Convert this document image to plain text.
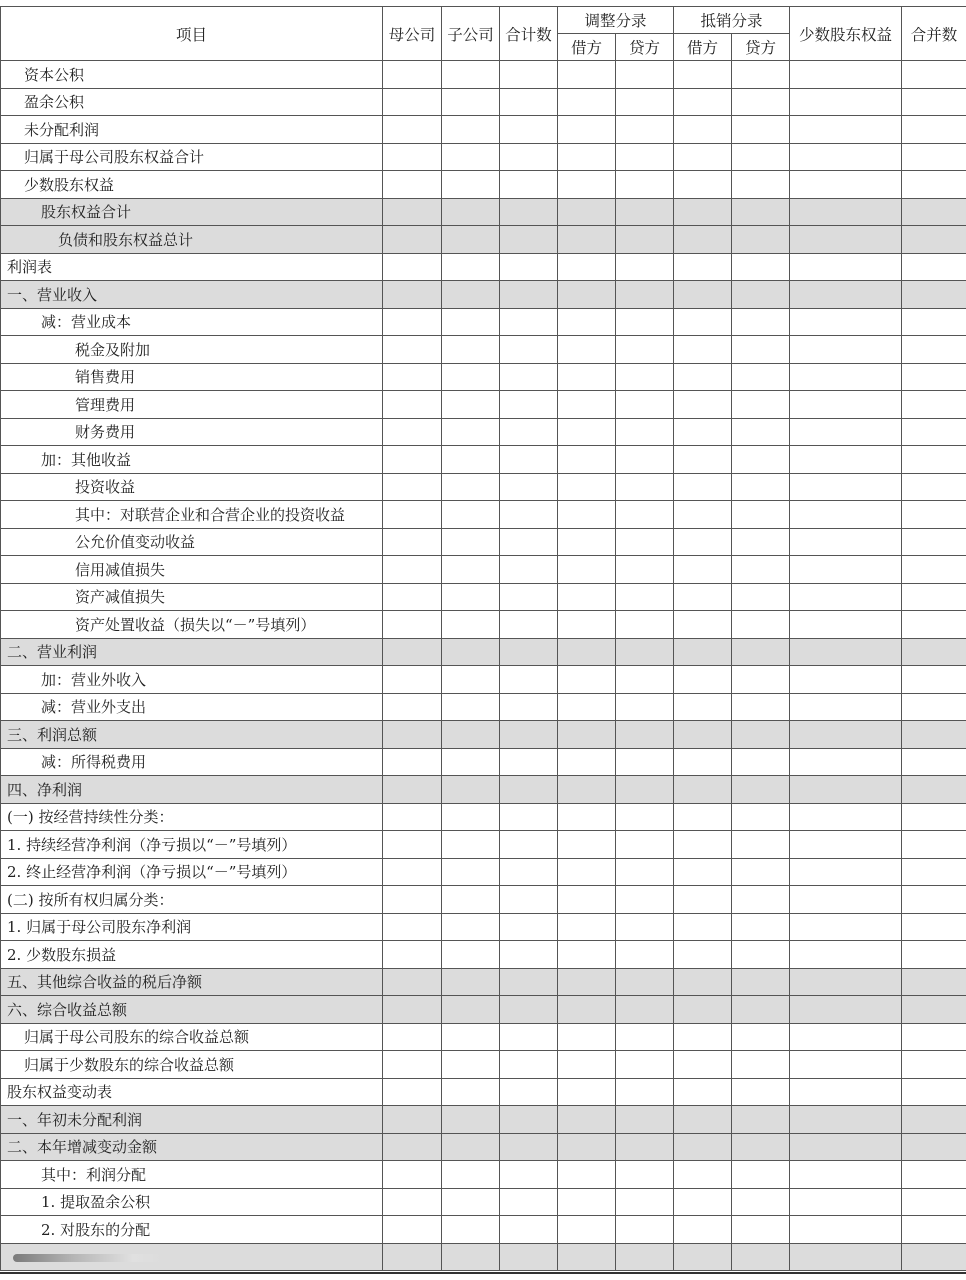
项目	母公司	子公司	合计数	调整分录		抵销分录		少数股东权益	合并数
				借方	贷方	借方	贷方		
资本公积									
盈余公积									
未分配利润									
归属于母公司股东权益合计									
少数股东权益									
股东权益合计									
负债和股东权益总计									
利润表									
一、营业收入									
减：营业成本									
税金及附加									
销售费用									
管理费用									
财务费用									
加：其他收益									
投资收益									
其中：对联营企业和合营企业的投资收益									
公允价值变动收益									
信用减值损失									
资产减值损失									
资产处置收益（损失以“－”号填列）									
二、营业利润									
加：营业外收入									
减：营业外支出									
三、利润总额									
减：所得税费用									
四、净利润									
(一) 按经营持续性分类：									
1. 持续经营净利润（净亏损以“－”号填列）									
2. 终止经营净利润（净亏损以“－”号填列）									
(二) 按所有权归属分类：									
1. 归属于母公司股东净利润									
2. 少数股东损益									
五、其他综合收益的税后净额									
六、综合收益总额									
归属于母公司股东的综合收益总额									
归属于少数股东的综合收益总额									
股东权益变动表									
一、年初未分配利润									
二、本年增减变动金额									
其中：利润分配									
1. 提取盈余公积									
2. 对股东的分配									
